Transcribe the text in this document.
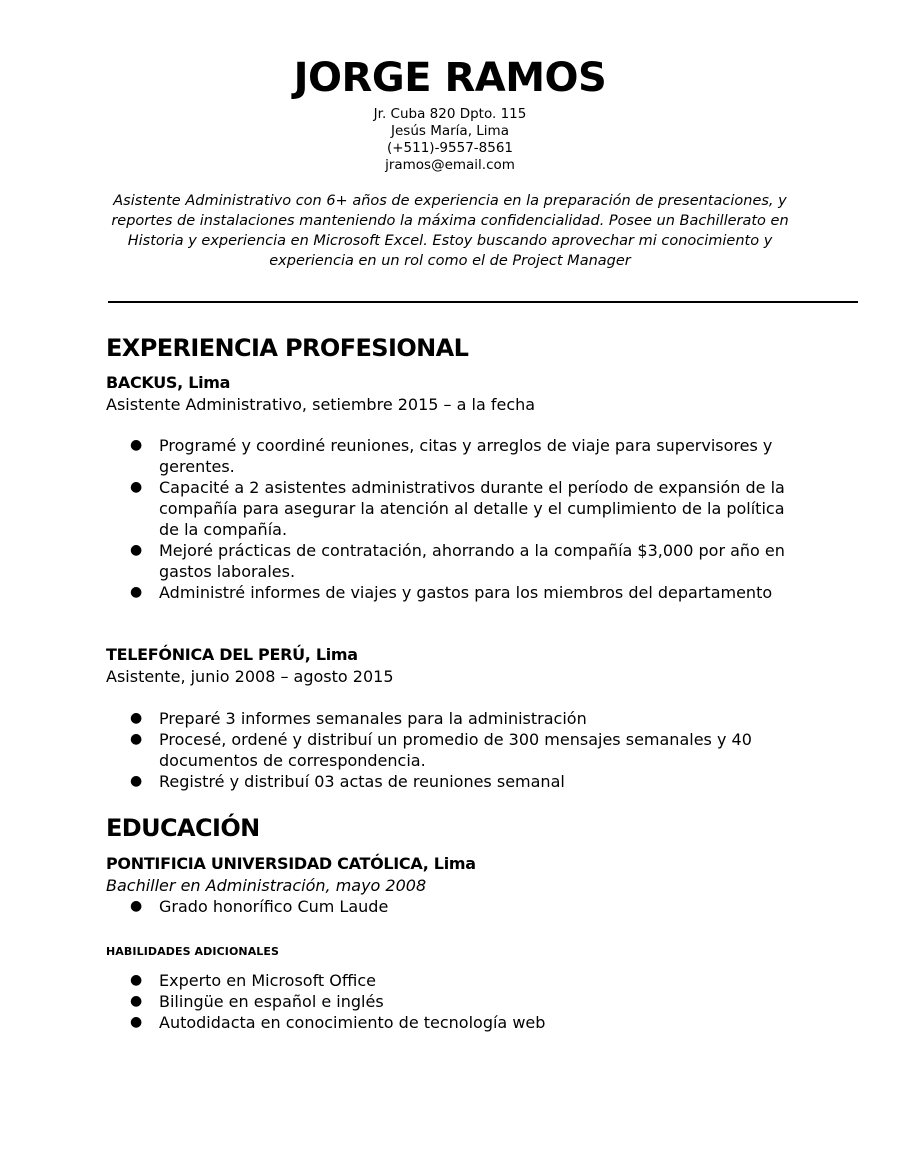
JORGE RAMOS
Jr. Cuba 820 Dpto. 115
Jesús María, Lima
(+511)-9557-8561
jramos@email.com
Asistente Administrativo con 6+ años de experiencia en la preparación de presentaciones, y reportes de instalaciones manteniendo la máxima confidencialidad. Posee un Bachillerato en Historia y experiencia en Microsoft Excel. Estoy buscando aprovechar mi conocimiento y experiencia en un rol como el de Project Manager
EXPERIENCIA PROFESIONAL
BACKUS, Lima
Asistente Administrativo, setiembre 2015 – a la fecha
● Programé y coordiné reuniones, citas y arreglos de viaje para supervisores y gerentes.
● Capacité a 2 asistentes administrativos durante el período de expansión de la compañía para asegurar la atención al detalle y el cumplimiento de la política de la compañía.
● Mejoré prácticas de contratación, ahorrando a la compañía $3,000 por año en gastos laborales.
● Administré informes de viajes y gastos para los miembros del departamento
TELEFÓNICA DEL PERÚ, Lima
Asistente, junio 2008 – agosto 2015
● Preparé 3 informes semanales para la administración
● Procesé, ordené y distribuí un promedio de 300 mensajes semanales y 40 documentos de correspondencia.
● Registré y distribuí 03 actas de reuniones semanal
EDUCACIÓN
PONTIFICIA UNIVERSIDAD CATÓLICA, Lima
Bachiller en Administración, mayo 2008
● Grado honorífico Cum Laude
HABILIDADES ADICIONALES
● Experto en Microsoft Office
● Bilingüe en español e inglés
● Autodidacta en conocimiento de tecnología web
